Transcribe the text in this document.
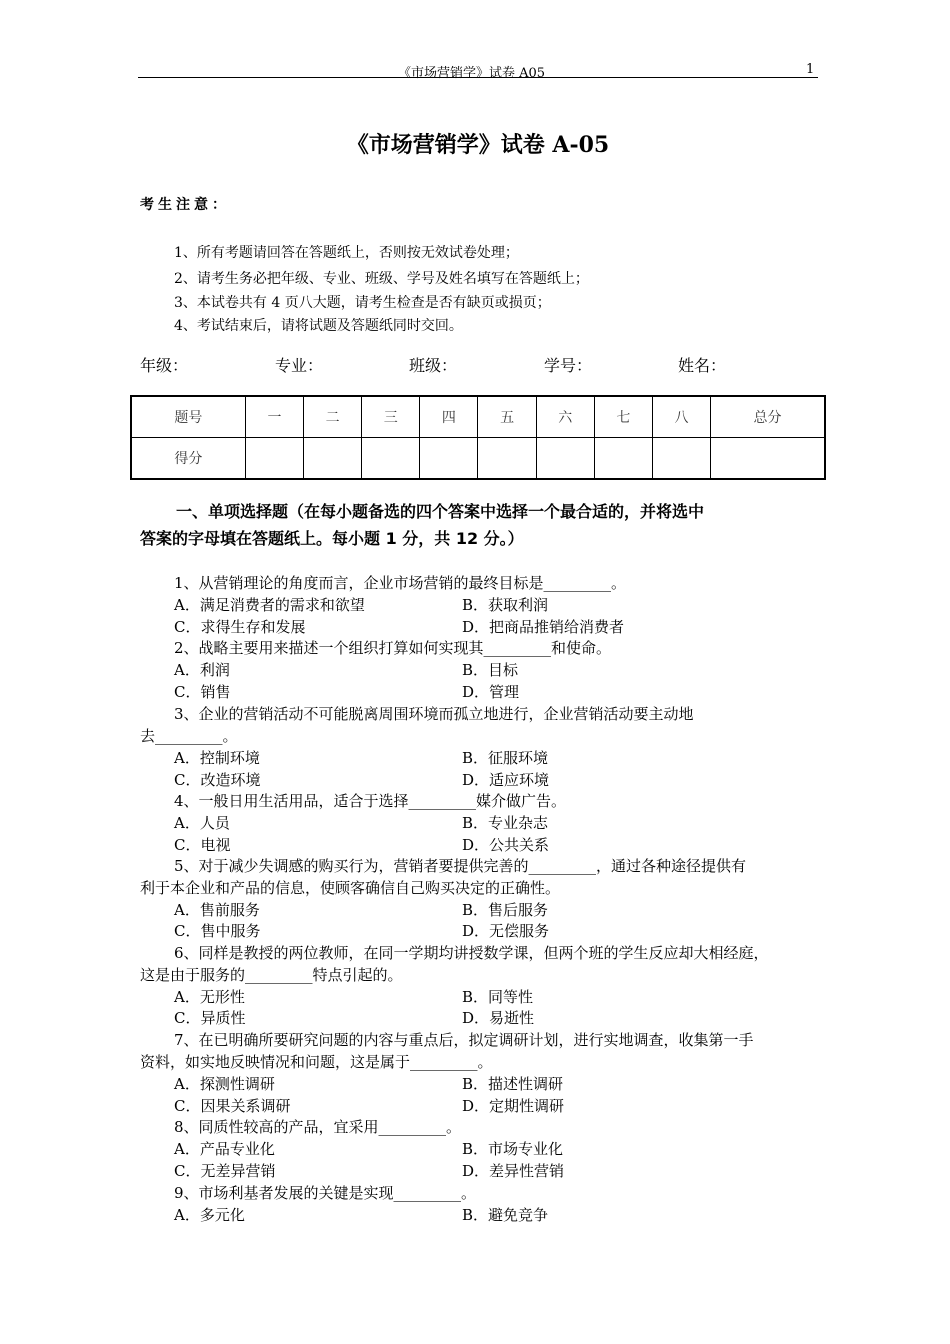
《市场营销学》试卷 A05	1
《市场营销学》试卷 A-05
考生注意：
1、所有考题请回答在答题纸上，否则按无效试卷处理；
2、请考生务必把年级、专业、班级、学号及姓名填写在答题纸上；
3、本试卷共有 4 页八大题，请考生检查是否有缺页或损页；
4、考试结束后，请将试题及答题纸同时交回。
年级：	专业：	班级：	学号：	姓名：
题号	一	二	三	四	五	六	七	八	总分
得分									
一、单项选择题（在每小题备选的四个答案中选择一个最合适的，并将选中
答案的字母填在答题纸上。每小题 1 分，共 12 分。）
1、从营销理论的角度而言，企业市场营销的最终目标是_________。
A．满足消费者的需求和欲望	B．获取利润
C．求得生存和发展	D．把商品推销给消费者
2、战略主要用来描述一个组织打算如何实现其_________和使命。
A．利润	B．目标
C．销售	D．管理
3、企业的营销活动不可能脱离周围环境而孤立地进行，企业营销活动要主动地
去_________。
A．控制环境	B．征服环境
C．改造环境	D．适应环境
4、一般日用生活用品，适合于选择_________媒介做广告。
A．人员	B．专业杂志
C．电视	D．公共关系
5、对于减少失调感的购买行为，营销者要提供完善的_________，通过各种途径提供有
利于本企业和产品的信息，使顾客确信自己购买决定的正确性。
A．售前服务	B．售后服务
C．售中服务	D．无偿服务
6、同样是教授的两位教师，在同一学期均讲授数学课，但两个班的学生反应却大相经庭，
这是由于服务的_________特点引起的。
A．无形性	B．同等性
C．异质性	D．易逝性
7、在已明确所要研究问题的内容与重点后，拟定调研计划，进行实地调查，收集第一手
资料，如实地反映情况和问题，这是属于_________。
A．探测性调研	B．描述性调研
C．因果关系调研	D．定期性调研
8、同质性较高的产品，宜采用_________。
A．产品专业化	B．市场专业化
C．无差异营销	D．差异性营销
9、市场利基者发展的关键是实现_________。
A．多元化	B．避免竞争
